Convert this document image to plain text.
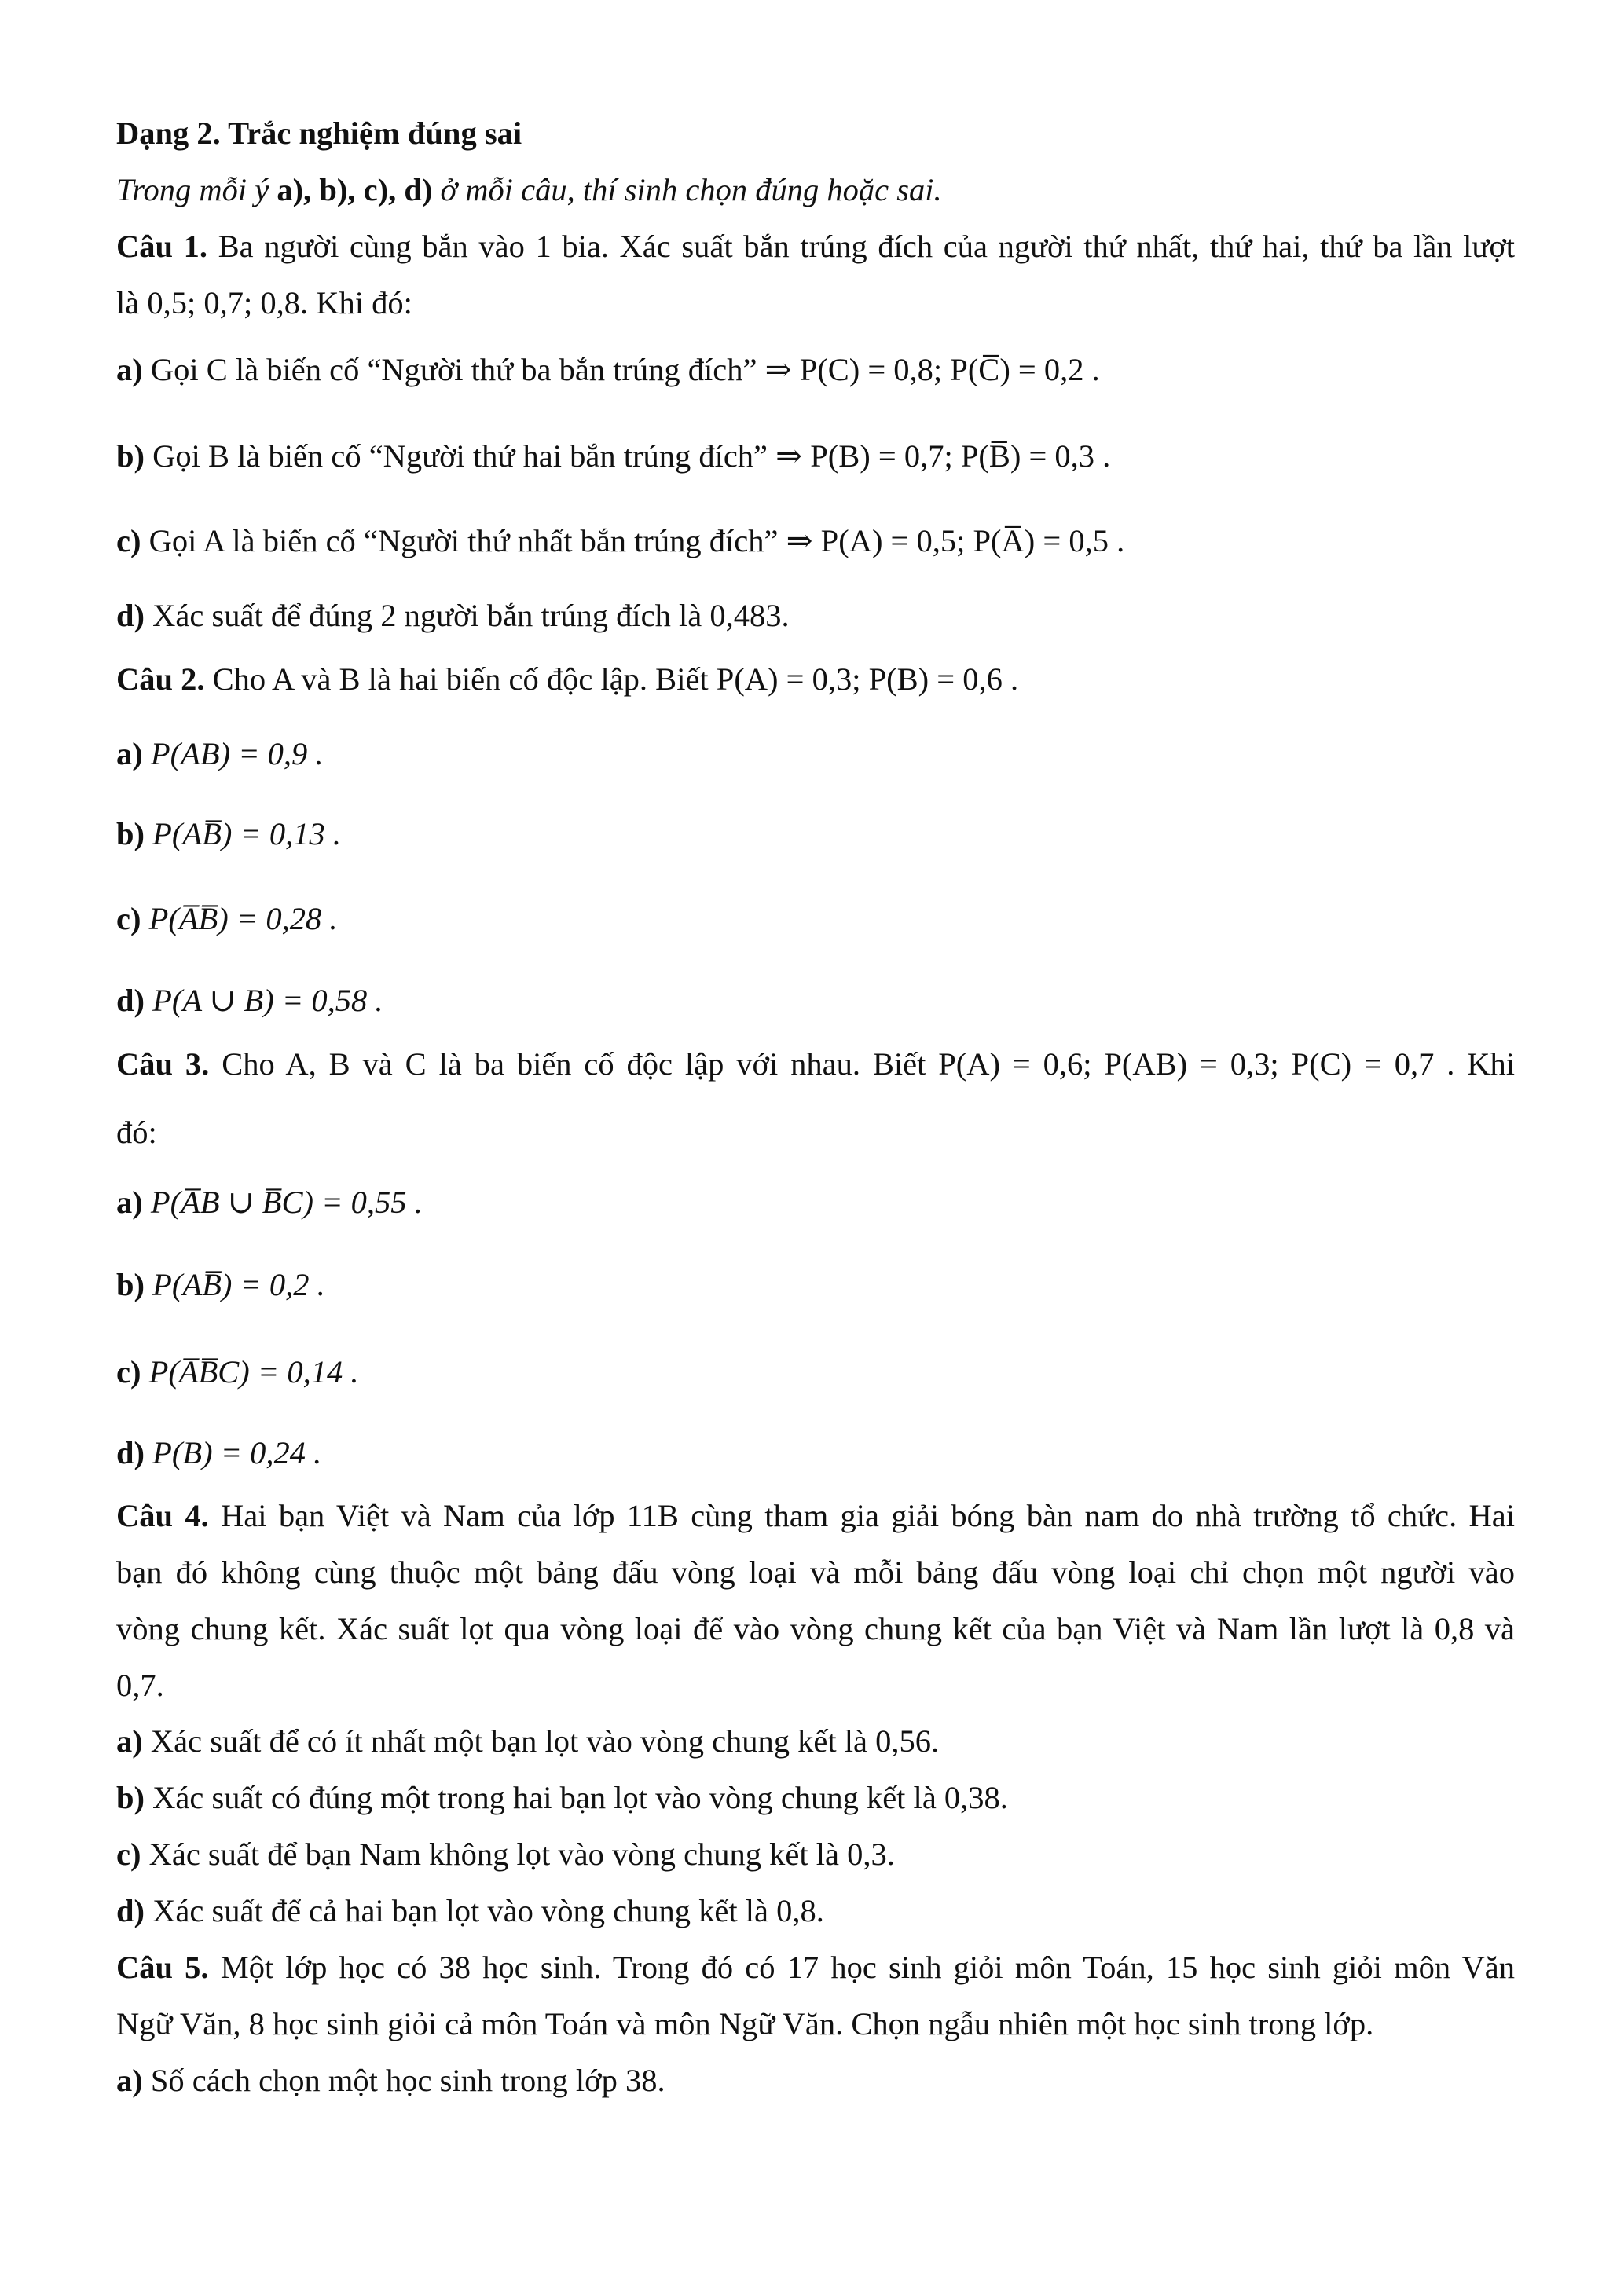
Dạng 2. Trắc nghiệm đúng sai
Trong mỗi ý a), b), c), d) ở mỗi câu, thí sinh chọn đúng hoặc sai.
Câu 1. Ba người cùng bắn vào 1 bia. Xác suất bắn trúng đích của người thứ nhất, thứ hai, thứ ba lần lượt
là 0,5; 0,7; 0,8. Khi đó:
a) Gọi C là biến cố “Người thứ ba bắn trúng đích” ⇒ P(C) = 0,8; P(C̅) = 0,2 .
b) Gọi B là biến cố “Người thứ hai bắn trúng đích” ⇒ P(B) = 0,7; P(B̅) = 0,3 .
c) Gọi A là biến cố “Người thứ nhất bắn trúng đích” ⇒ P(A) = 0,5; P(A̅) = 0,5 .
d) Xác suất để đúng 2 người bắn trúng đích là 0,483.
Câu 2. Cho A và B là hai biến cố độc lập. Biết P(A) = 0,3; P(B) = 0,6 .
a) P(AB) = 0,9 .
b) P(AB̅) = 0,13 .
c) P(A̅B̅) = 0,28 .
d) P(A ∪ B) = 0,58 .
Câu 3. Cho A, B và C là ba biến cố độc lập với nhau. Biết P(A) = 0,6; P(AB) = 0,3; P(C) = 0,7 . Khi
đó:
a) P(A̅B ∪ B̅C) = 0,55 .
b) P(AB̅) = 0,2 .
c) P(A̅B̅C) = 0,14 .
d) P(B) = 0,24 .
Câu 4. Hai bạn Việt và Nam của lớp 11B cùng tham gia giải bóng bàn nam do nhà trường tổ chức. Hai
bạn đó không cùng thuộc một bảng đấu vòng loại và mỗi bảng đấu vòng loại chỉ chọn một người vào
vòng chung kết. Xác suất lọt qua vòng loại để vào vòng chung kết của bạn Việt và Nam lần lượt là 0,8 và
0,7.
a) Xác suất để có ít nhất một bạn lọt vào vòng chung kết là 0,56.
b) Xác suất có đúng một trong hai bạn lọt vào vòng chung kết là 0,38.
c) Xác suất để bạn Nam không lọt vào vòng chung kết là 0,3.
d) Xác suất để cả hai bạn lọt vào vòng chung kết là 0,8.
Câu 5. Một lớp học có 38 học sinh. Trong đó có 17 học sinh giỏi môn Toán, 15 học sinh giỏi môn Văn
Ngữ Văn, 8 học sinh giỏi cả môn Toán và môn Ngữ Văn. Chọn ngẫu nhiên một học sinh trong lớp.
a) Số cách chọn một học sinh trong lớp 38.
